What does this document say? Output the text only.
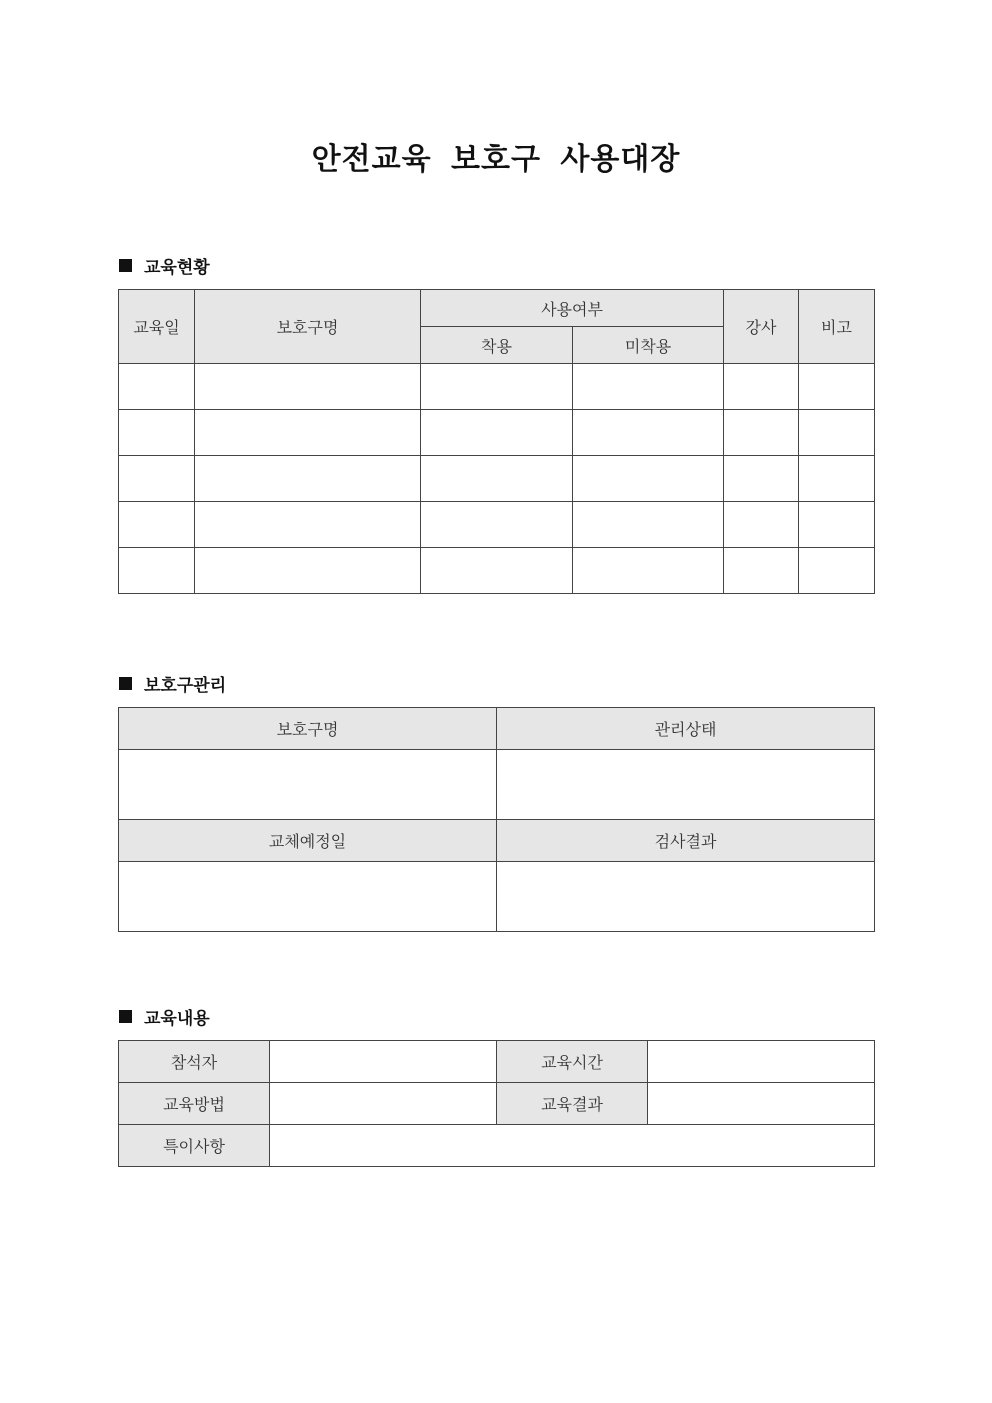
안전교육 보호구 사용대장
교육현황
교육일	보호구명	사용여부		강사	비고
		착용	미착용		

보호구관리
보호구명	관리상태

교체예정일	검사결과

교육내용
참석자		교육시간	
교육방법		교육결과	
특이사항			
